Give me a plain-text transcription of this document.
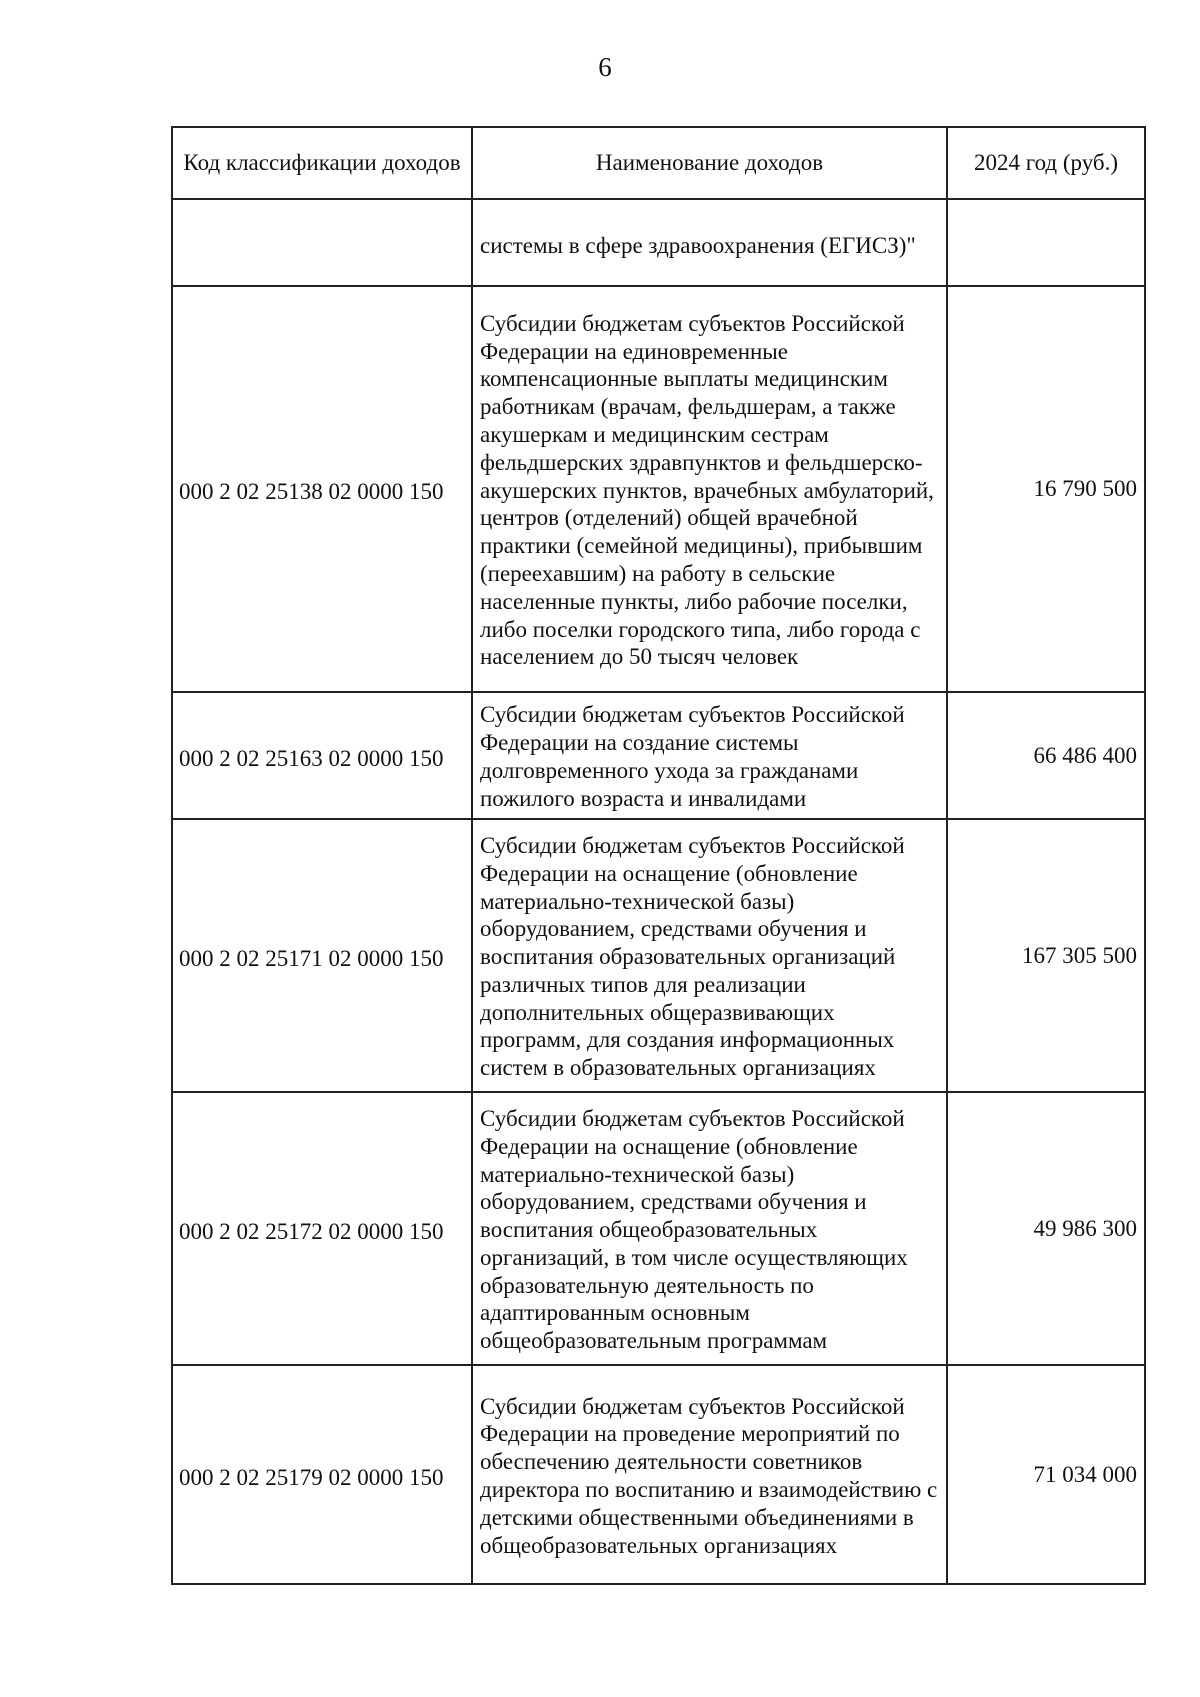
6
Код классификации доходов	Наименование доходов	2024 год (руб.)
	системы в сфере здравоохранения (ЕГИСЗ)"	
000 2 02 25138 02 0000 150	Субсидии бюджетам субъектов Российской Федерации на единовременные компенсационные выплаты медицинским работникам (врачам, фельдшерам, а также акушеркам и медицинским сестрам фельдшерских здравпунктов и фельдшерско-акушерских пунктов, врачебных амбулаторий, центров (отделений) общей врачебной практики (семейной медицины), прибывшим (переехавшим) на работу в сельские населенные пункты, либо рабочие поселки, либо поселки городского типа, либо города с населением до 50 тысяч человек	16 790 500
000 2 02 25163 02 0000 150	Субсидии бюджетам субъектов Российской Федерации на создание системы долговременного ухода за гражданами пожилого возраста и инвалидами	66 486 400
000 2 02 25171 02 0000 150	Субсидии бюджетам субъектов Российской Федерации на оснащение (обновление материально-технической базы) оборудованием, средствами обучения и воспитания образовательных организаций различных типов для реализации дополнительных общеразвивающих программ, для создания информационных систем в образовательных организациях	167 305 500
000 2 02 25172 02 0000 150	Субсидии бюджетам субъектов Российской Федерации на оснащение (обновление материально-технической базы) оборудованием, средствами обучения и воспитания общеобразовательных организаций, в том числе осуществляющих образовательную деятельность по адаптированным основным общеобразовательным программам	49 986 300
000 2 02 25179 02 0000 150	Субсидии бюджетам субъектов Российской Федерации на проведение мероприятий по обеспечению деятельности советников директора по воспитанию и взаимодействию с детскими общественными объединениями в общеобразовательных организациях	71 034 000
